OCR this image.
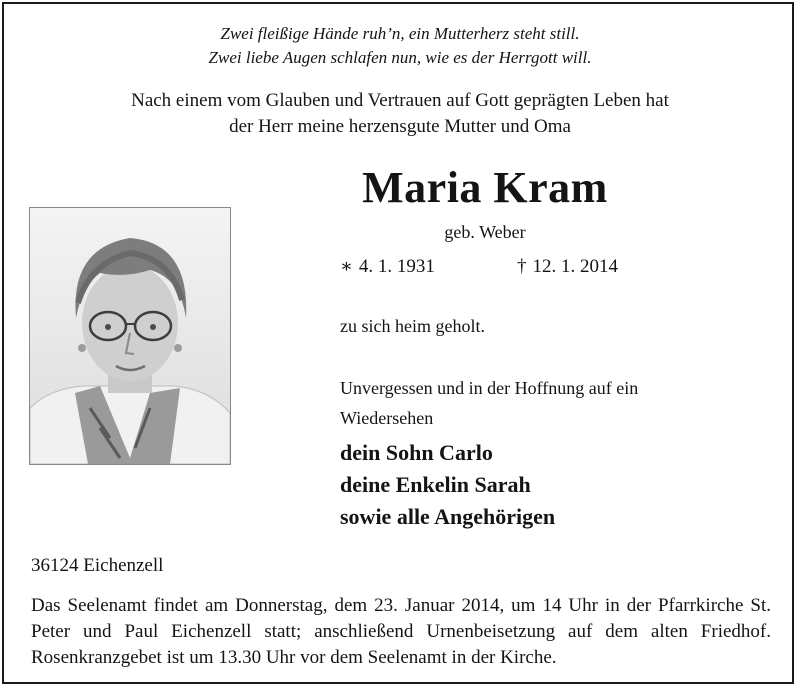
Zwei fleißige Hände ruh’n, ein Mutterherz steht still.
Zwei liebe Augen schlafen nun, wie es der Herrgott will.
Nach einem vom Glauben und Vertrauen auf Gott geprägten Leben hat
der Herr meine herzensgute Mutter und Oma
Maria Kram
geb. Weber
∗ 4. 1. 1931	† 12. 1. 2014
zu sich heim geholt.
Unvergessen und in der Hoffnung auf ein
Wiedersehen
dein Sohn Carlo
deine Enkelin Sarah
sowie alle Angehörigen
36124 Eichenzell
Das Seelenamt findet am Donnerstag, dem 23. Januar 2014, um 14 Uhr in der Pfarrkirche St. Peter und Paul Eichenzell statt; anschließend Urnenbeisetzung auf dem alten Friedhof. Rosenkranzgebet ist um 13.30 Uhr vor dem Seelenamt in der Kirche.
